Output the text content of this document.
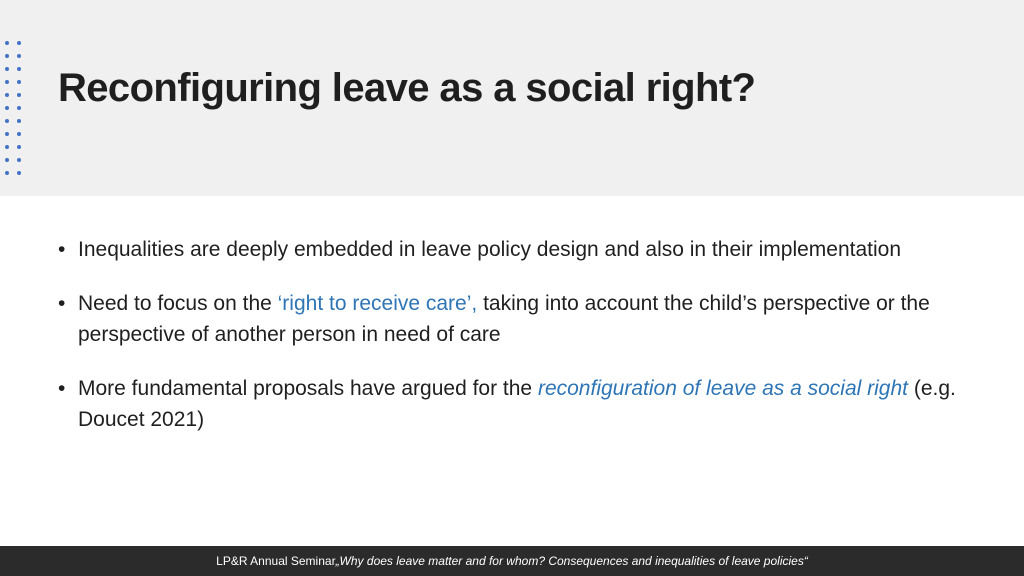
Reconfiguring leave as a social right?
• Inequalities are deeply embedded in leave policy design and also in their implementation
• Need to focus on the ‘right to receive care’, taking into account the child’s perspective or the perspective of another person in need of care
• More fundamental proposals have argued for the reconfiguration of leave as a social right (e.g. Doucet 2021)
LP&R Annual Seminar „Why does leave matter and for whom? Consequences and inequalities of leave policies“
